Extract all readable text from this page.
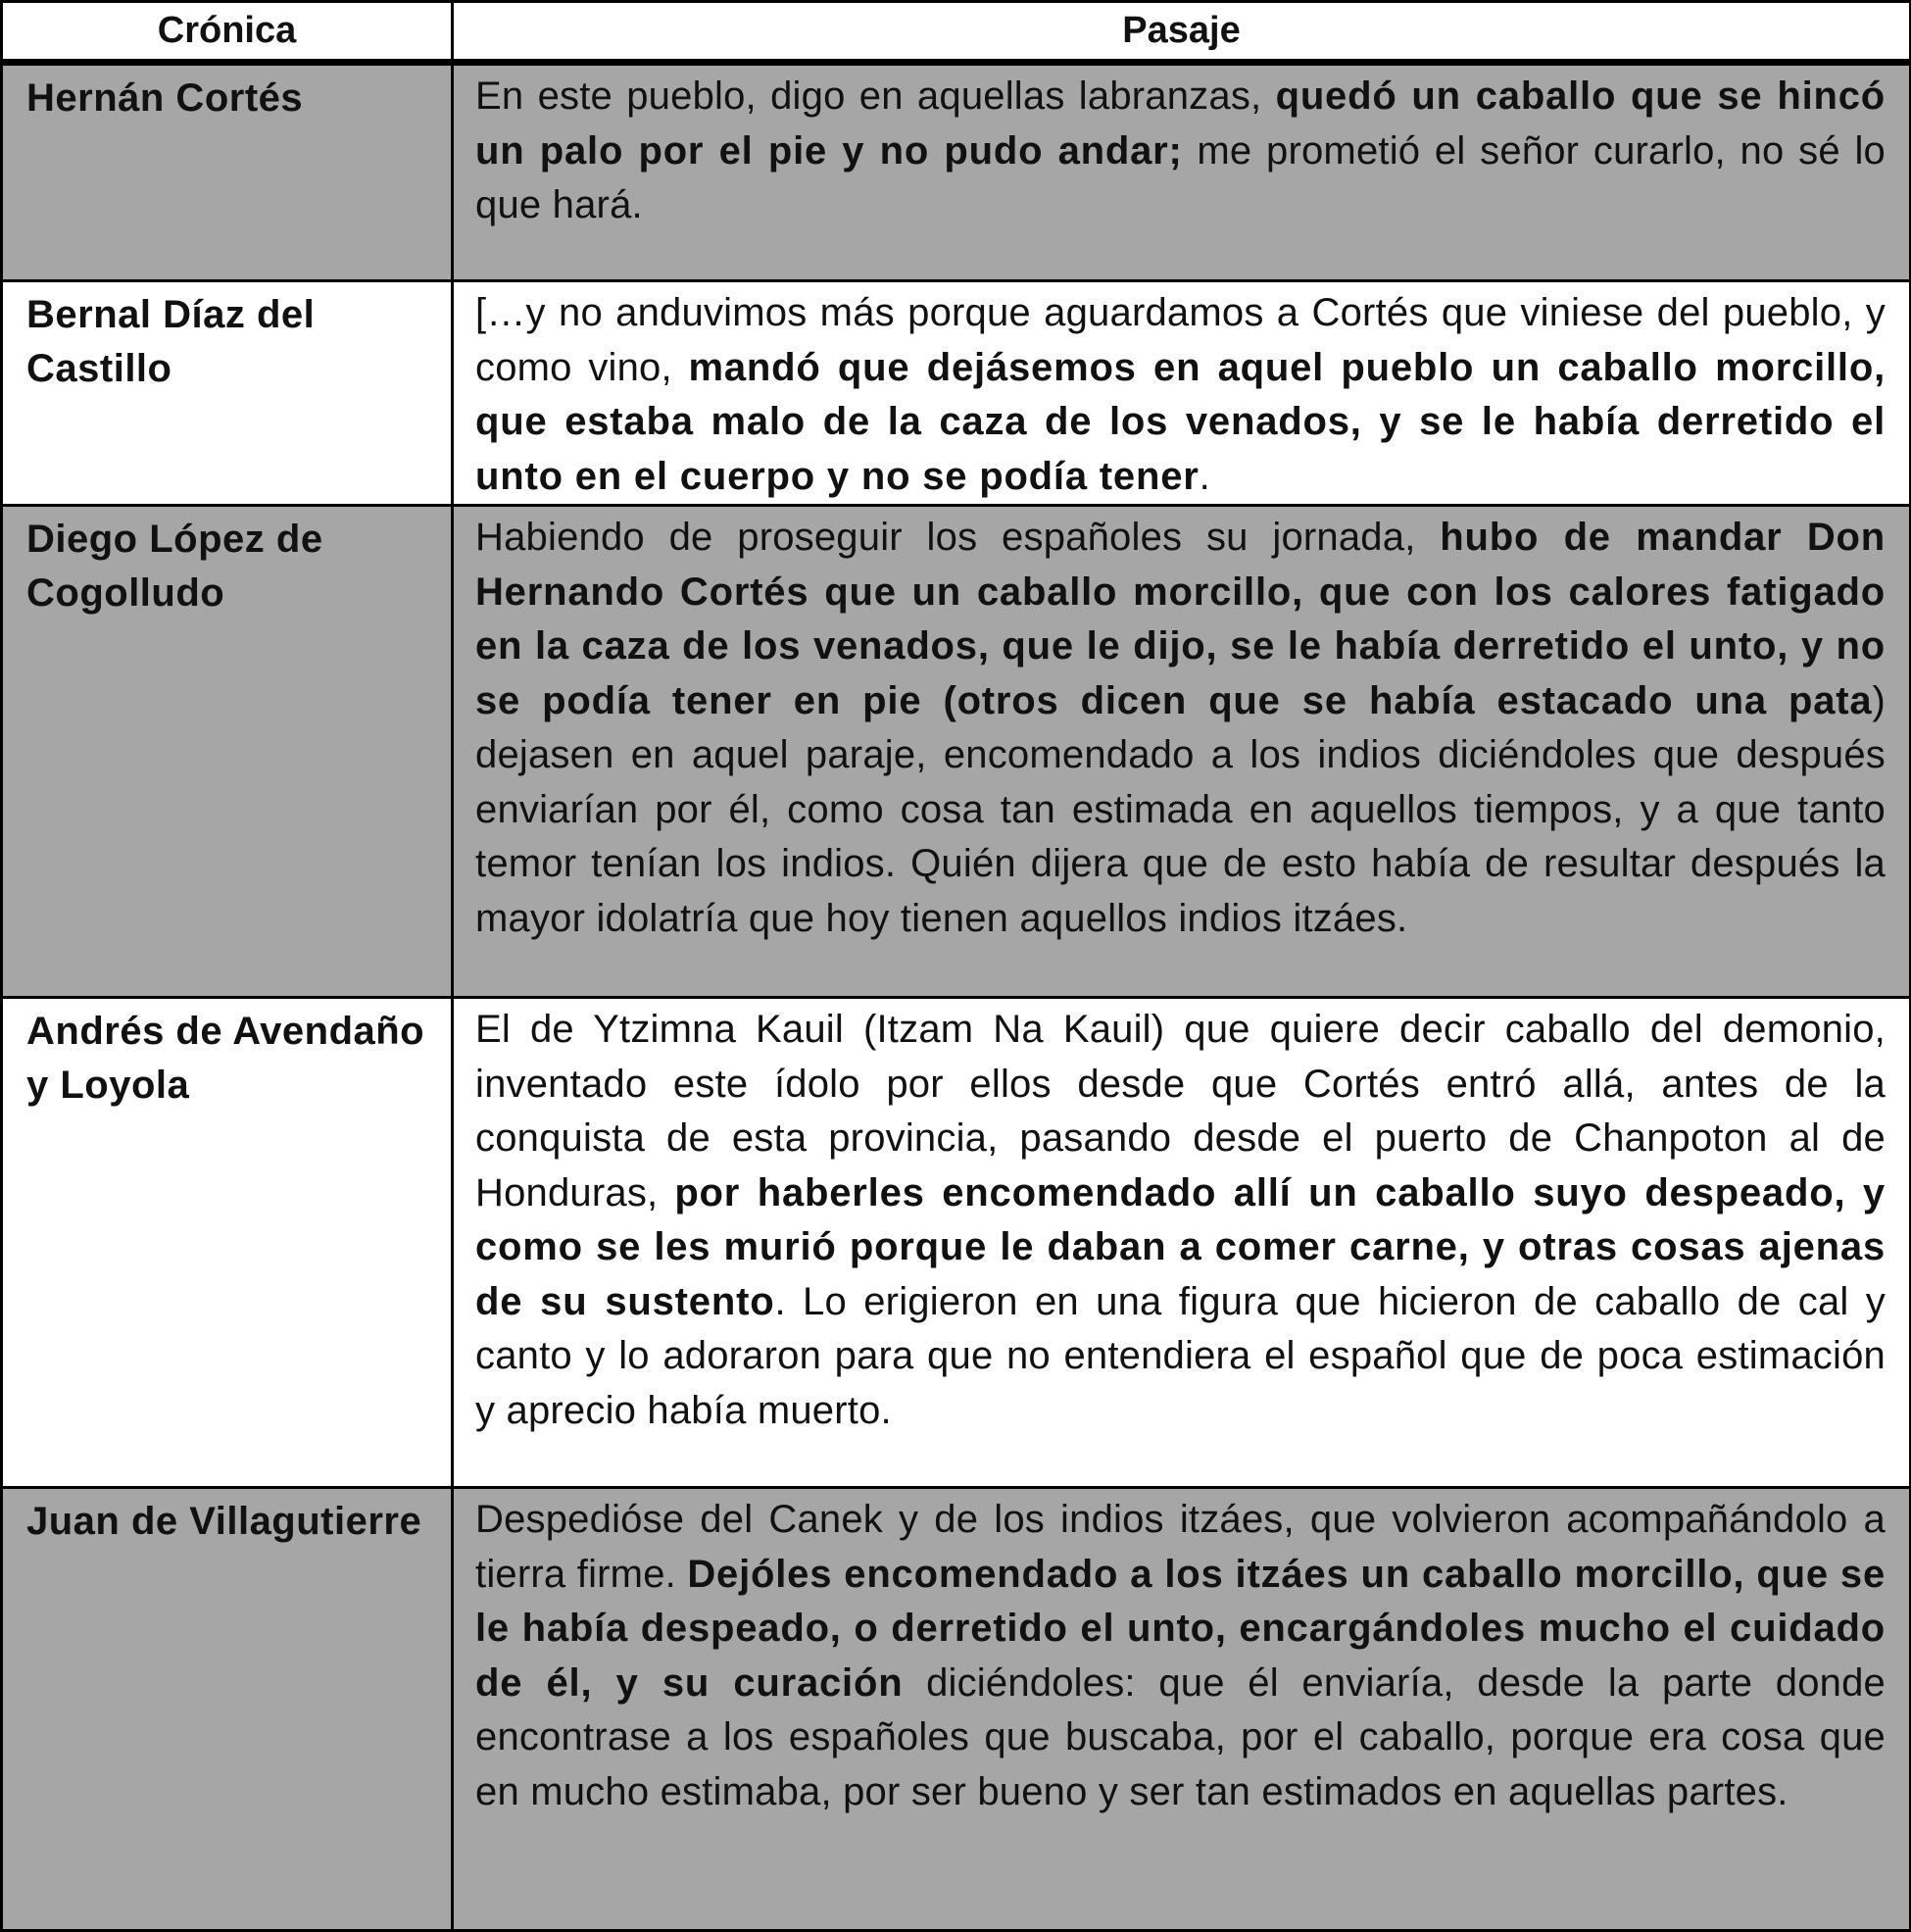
Crónica	Pasaje
Hernán Cortés	En este pueblo, digo en aquellas labranzas, quedó un caballo que se hincó un palo por el pie y no pudo andar; me prometió el señor curarlo, no sé lo que hará.
Bernal Díaz del Castillo	[…y no anduvimos más porque aguardamos a Cortés que viniese del pueblo, y como vino, mandó que dejásemos en aquel pueblo un caballo morcillo, que estaba malo de la caza de los venados, y se le había derretido el unto en el cuerpo y no se podía tener.
Diego López de Cogolludo	Habiendo de proseguir los españoles su jornada, hubo de mandar Don Hernando Cortés que un caballo morcillo, que con los calores fatigado en la caza de los venados, que le dijo, se le había derretido el unto, y no se podía tener en pie (otros dicen que se había estacado una pata) dejasen en aquel paraje, encomendado a los indios diciéndoles que después enviarían por él, como cosa tan estimada en aquellos tiempos, y a que tanto temor tenían los indios. Quién dijera que de esto había de resultar después la mayor idolatría que hoy tienen aquellos indios itzáes.
Andrés de Avendaño y Loyola	El de Ytzimna Kauil (Itzam Na Kauil) que quiere decir caballo del demonio, inventado este ídolo por ellos desde que Cortés entró allá, antes de la conquista de esta provincia, pasando desde el puerto de Chanpoton al de Honduras, por haberles encomendado allí un caballo suyo despeado, y como se les murió porque le daban a comer carne, y otras cosas ajenas de su sustento. Lo erigieron en una figura que hicieron de caballo de cal y canto y lo adoraron para que no entendiera el español que de poca estimación y aprecio había muerto.
Juan de Villagutierre	Despedióse del Canek y de los indios itzáes, que volvieron acompañándolo a tierra firme. Dejóles encomendado a los itzáes un caballo morcillo, que se le había despeado, o derretido el unto, encargándoles mucho el cuidado de él, y su curación diciéndoles: que él enviaría, desde la parte donde encontrase a los españoles que buscaba, por el caballo, porque era cosa que en mucho estimaba, por ser bueno y ser tan estimados en aquellas partes.
